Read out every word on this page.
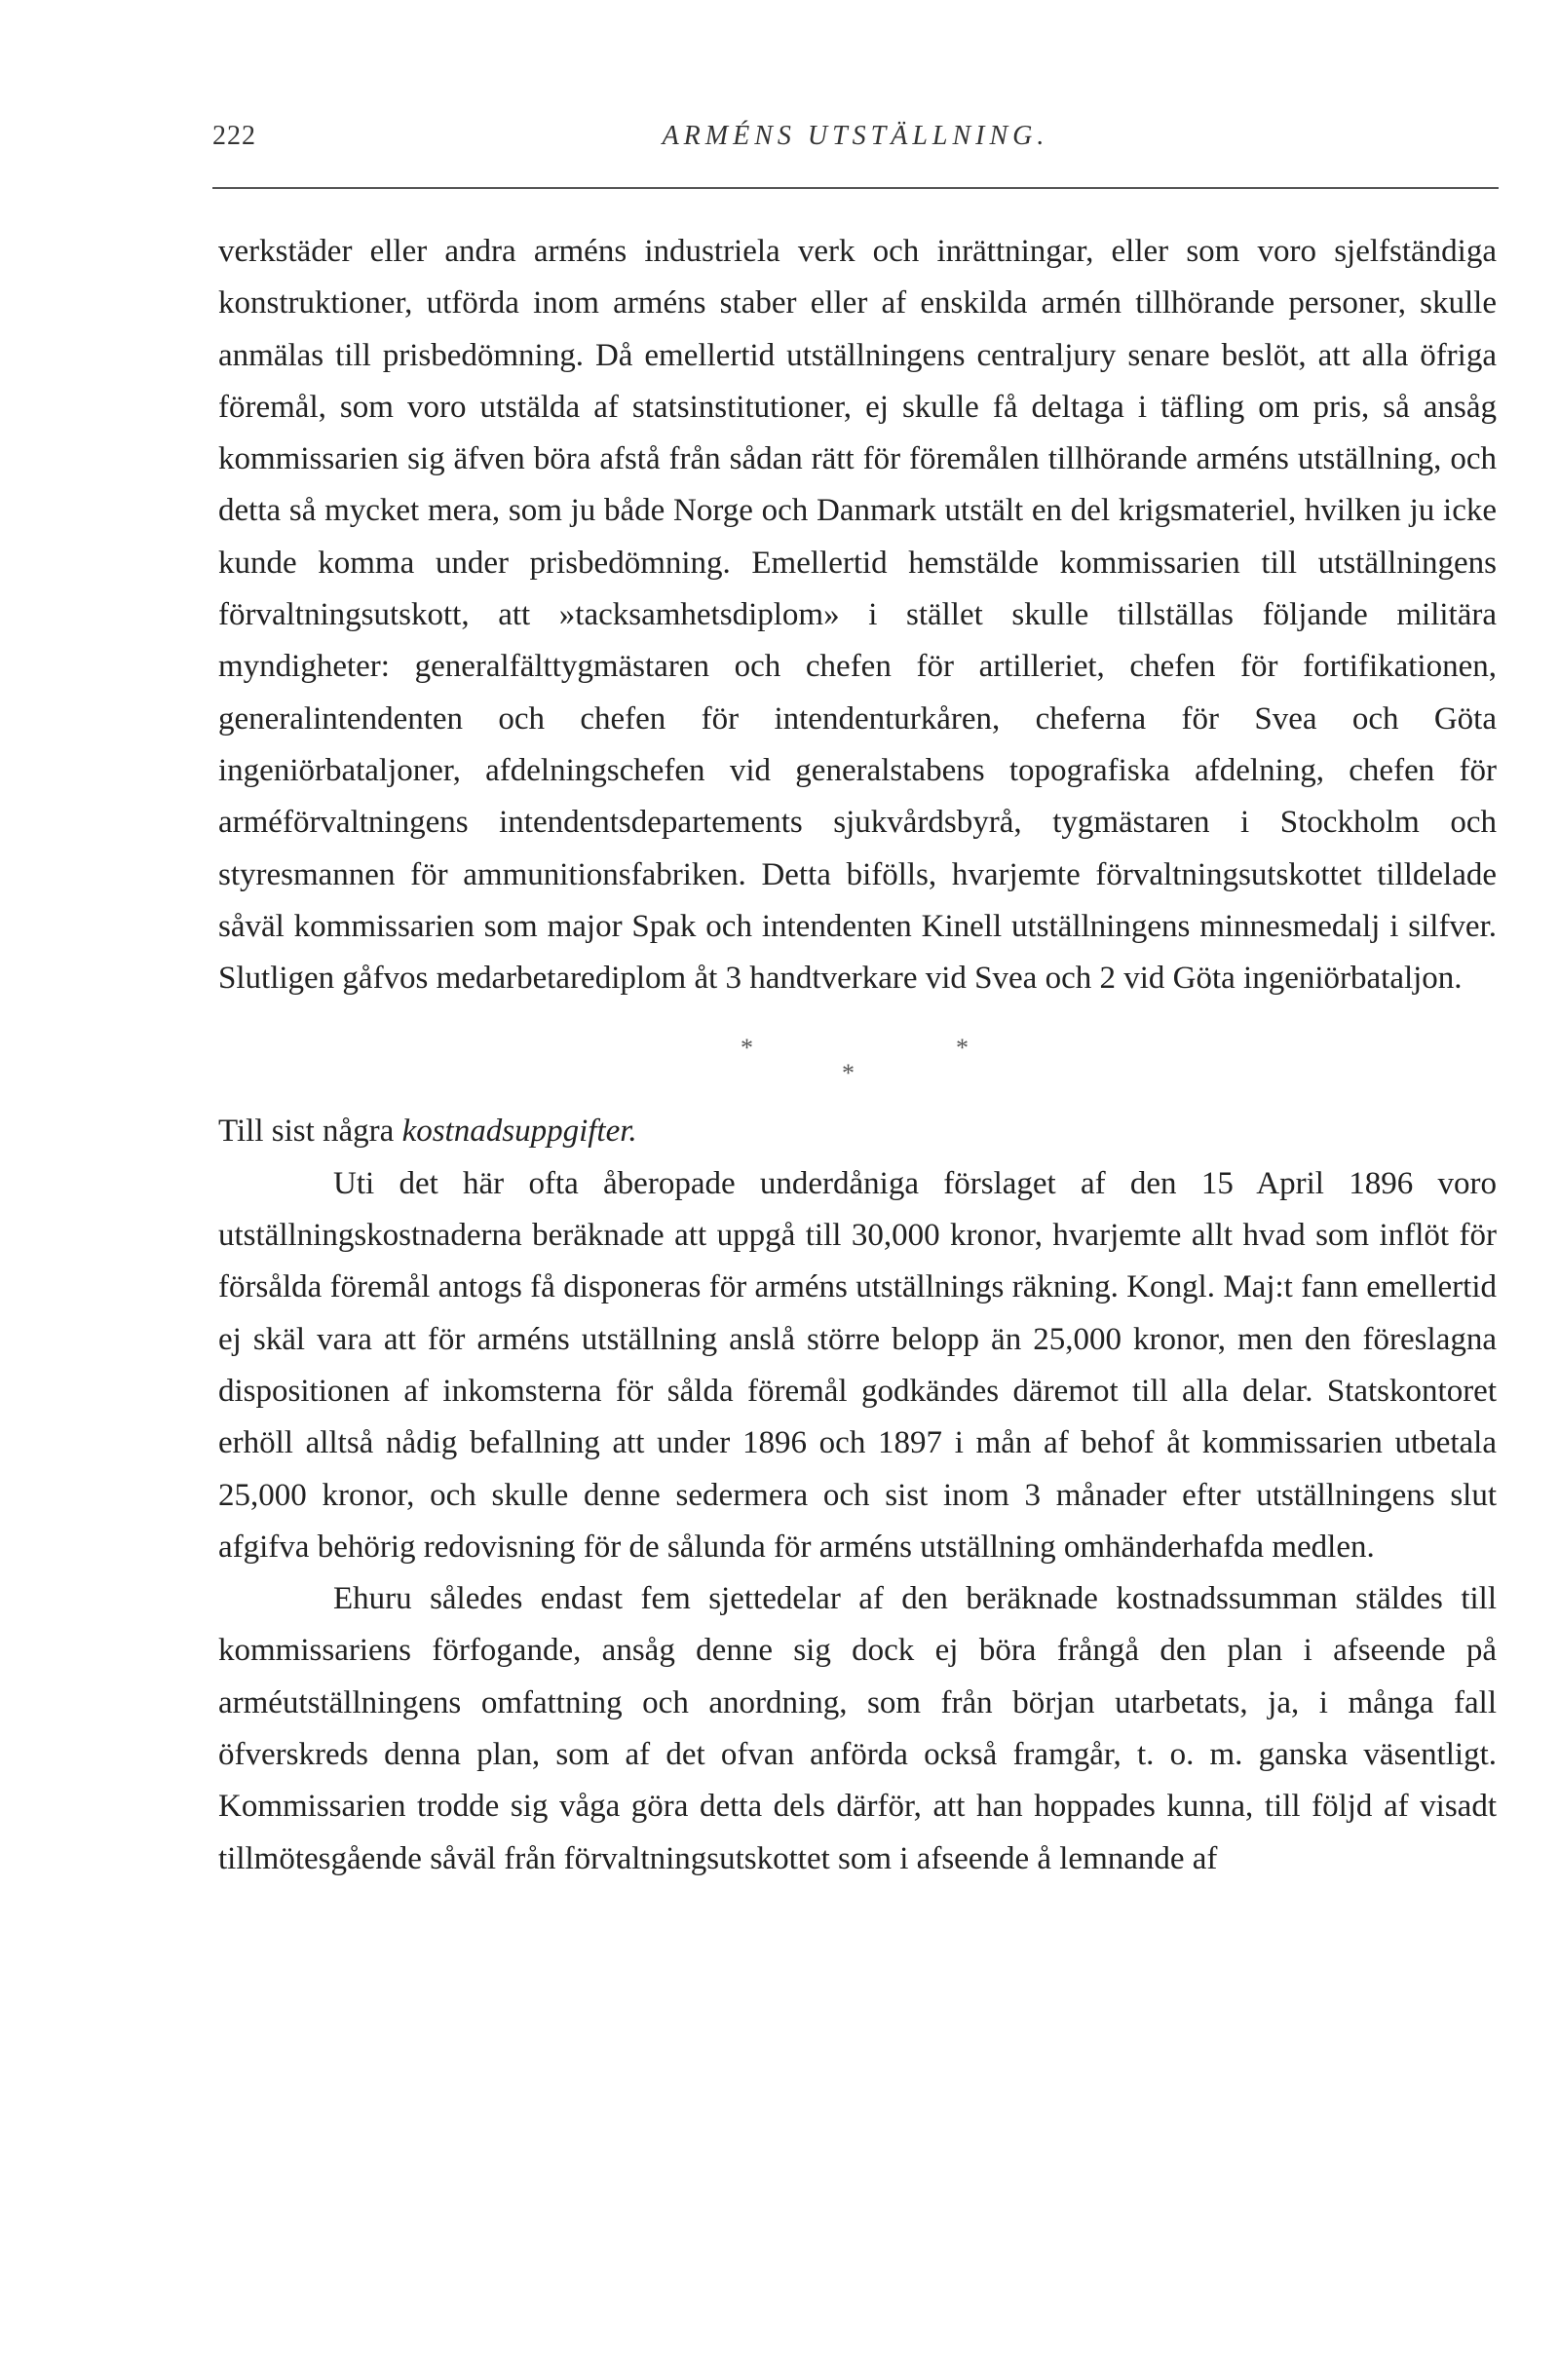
222	ARMÉNS UTSTÄLLNING.

verkstäder eller andra arméns industriela verk och inrättningar, eller som voro sjelfständiga konstruktioner, utförda inom arméns staber eller af enskilda armén tillhörande personer, skulle anmälas till prisbedömning. Då emellertid utställningens centraljury senare beslöt, att alla öfriga föremål, som voro utstälda af statsinstitutioner, ej skulle få deltaga i täfling om pris, så ansåg kommissarien sig äfven böra afstå från sådan rätt för föremålen tillhörande arméns utställning, och detta så mycket mera, som ju både Norge och Danmark utstält en del krigsmateriel, hvilken ju icke kunde komma under prisbedömning. Emellertid hemstälde kommissarien till utställningens förvaltningsutskott, att »tacksamhetsdiplom» i stället skulle tillställas följande militära myndigheter: generalfälttygmästaren och chefen för artilleriet, chefen för fortifikationen, generalintendenten och chefen för intendenturkåren, cheferna för Svea och Göta ingeniörbataljoner, afdelningschefen vid generalstabens topografiska afdelning, chefen för arméförvaltningens intendentsdepartements sjukvårdsbyrå, tygmästaren i Stockholm och styresmannen för ammunitionsfabriken. Detta bifölls, hvarjemte förvaltningsutskottet tilldelade såväl kommissarien som major Spak och intendenten Kinell utställningens minnesmedalj i silfver. Slutligen gåfvos medarbetarediplom åt 3 handtverkare vid Svea och 2 vid Göta ingeniörbataljon.

*
*
*

Till sist några kostnadsuppgifter.

Uti det här ofta åberopade underdåniga förslaget af den 15 April 1896 voro utställningskostnaderna beräknade att uppgå till 30,000 kronor, hvarjemte allt hvad som inflöt för försålda föremål antogs få disponeras för arméns utställnings räkning. Kongl. Maj:t fann emellertid ej skäl vara att för arméns utställning anslå större belopp än 25,000 kronor, men den föreslagna dispositionen af inkomsterna för sålda föremål godkändes däremot till alla delar. Statskontoret erhöll alltså nådig befallning att under 1896 och 1897 i mån af behof åt kommissarien utbetala 25,000 kronor, och skulle denne sedermera och sist inom 3 månader efter utställningens slut afgifva behörig redovisning för de sålunda för arméns utställning omhänderhafda medlen.

Ehuru således endast fem sjettedelar af den beräknade kostnadssumman stäldes till kommissariens förfogande, ansåg denne sig dock ej böra frångå den plan i afseende på arméutställningens omfattning och anordning, som från början utarbetats, ja, i många fall öfverskreds denna plan, som af det ofvan anförda också framgår, t. o. m. ganska väsentligt. Kommissarien trodde sig våga göra detta dels därför, att han hoppades kunna, till följd af visadt tillmötesgående såväl från förvaltningsutskottet som i afseende å lemnande af
